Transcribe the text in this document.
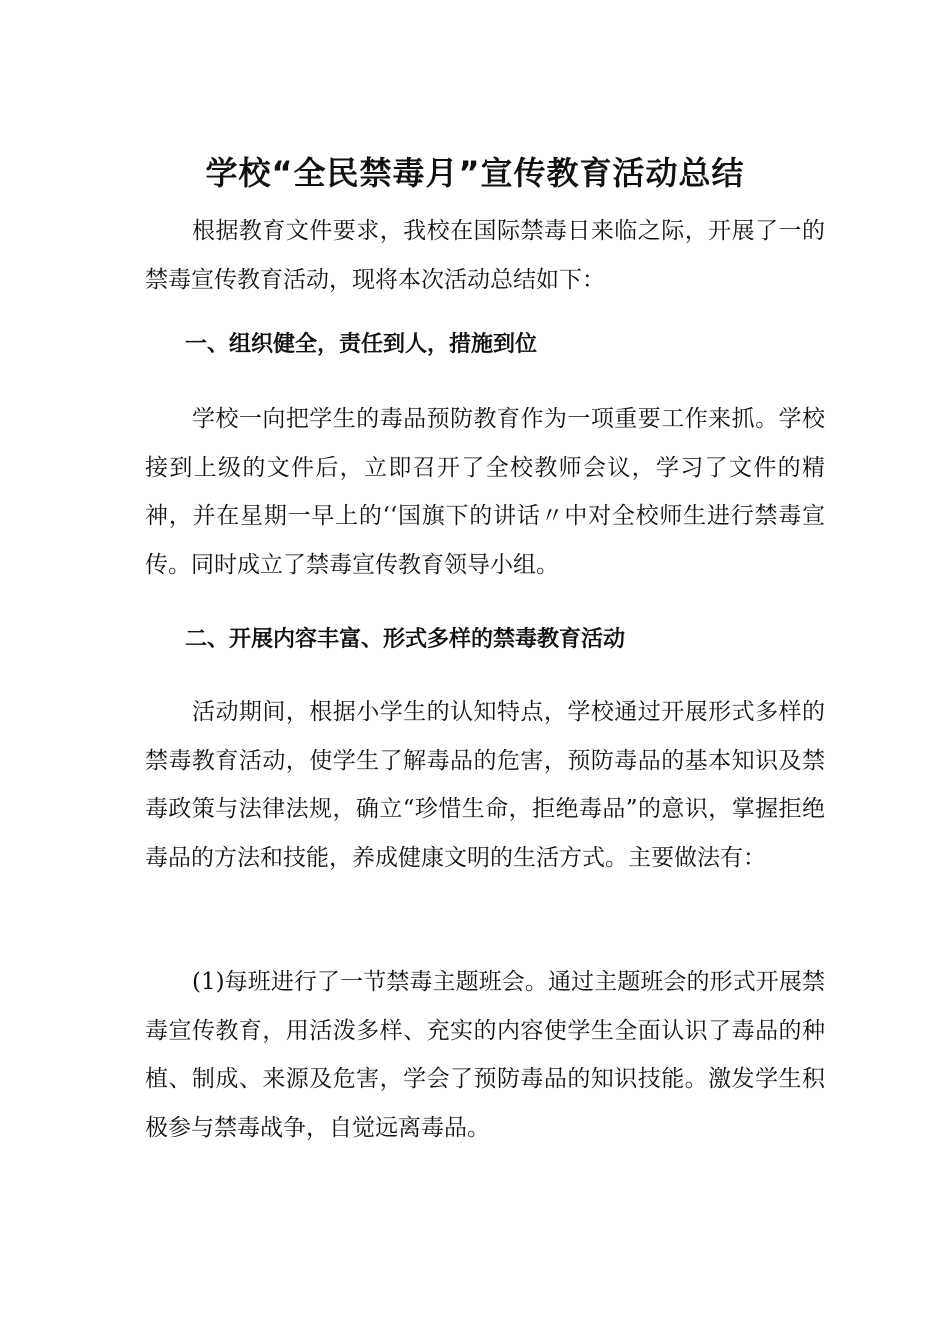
学校“全民禁毒月”宣传教育活动总结

根据教育文件要求，我校在国际禁毒日来临之际，开展了一的禁毒宣传教育活动，现将本次活动总结如下：

一、组织健全，责任到人，措施到位

学校一向把学生的毒品预防教育作为一项重要工作来抓。学校接到上级的文件后，立即召开了全校教师会议，学习了文件的精神，并在星期一早上的‘‘国旗下的讲话〃中对全校师生进行禁毒宣传。同时成立了禁毒宣传教育领导小组。

二、开展内容丰富、形式多样的禁毒教育活动

活动期间，根据小学生的认知特点，学校通过开展形式多样的禁毒教育活动，使学生了解毒品的危害，预防毒品的基本知识及禁毒政策与法律法规，确立“珍惜生命，拒绝毒品”的意识，掌握拒绝毒品的方法和技能，养成健康文明的生活方式。主要做法有：

(1)每班进行了一节禁毒主题班会。通过主题班会的形式开展禁毒宣传教育，用活泼多样、充实的内容使学生全面认识了毒品的种植、制成、来源及危害，学会了预防毒品的知识技能。激发学生积极参与禁毒战争，自觉远离毒品。
